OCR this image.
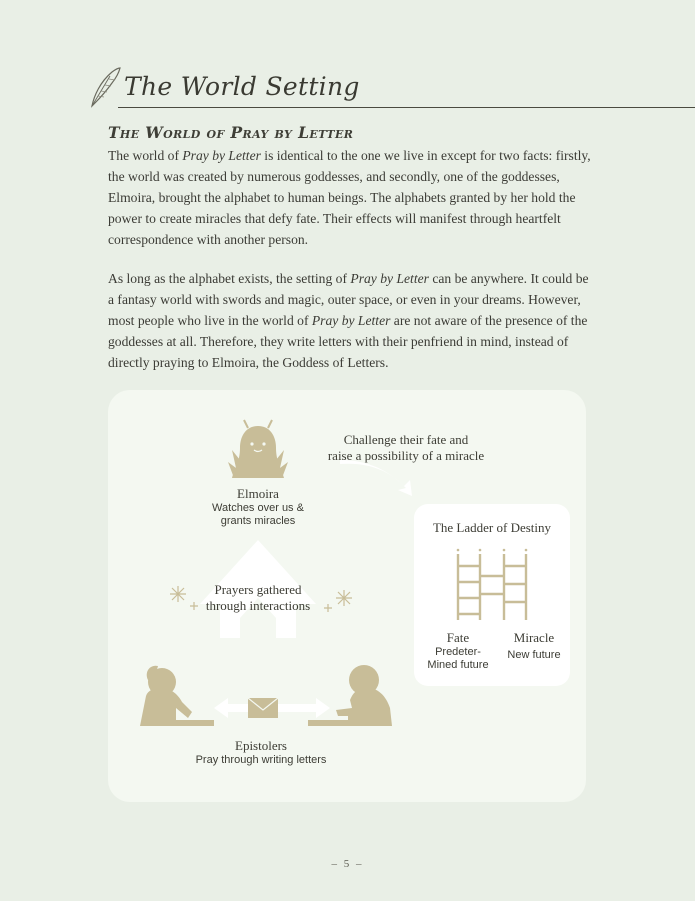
The World Setting
The World of Pray by Letter

The world of Pray by Letter is identical to the one we live in except for two facts: firstly, the world was created by numerous goddesses, and secondly, one of the goddesses, Elmoira, brought the alphabet to human beings. The alphabets granted by her hold the power to create miracles that defy fate. Their effects will manifest through heartfelt correspondence with another person.

As long as the alphabet exists, the setting of Pray by Letter can be anywhere. It could be a fantasy world with swords and magic, outer space, or even in your dreams. However, most people who live in the world of Pray by Letter are not aware of the presence of the goddesses at all. Therefore, they write letters with their penfriend in mind, instead of directly praying to Elmoira, the Goddess of Letters.

Challenge their fate and
raise a possibility of a miracle
Elmoira
Watches over us &
grants miracles
Prayers gathered
through interactions
The Ladder of Destiny
Fate
Predeter-
Mined future
Miracle
New future
Epistolers
Pray through writing letters
– 5 –
